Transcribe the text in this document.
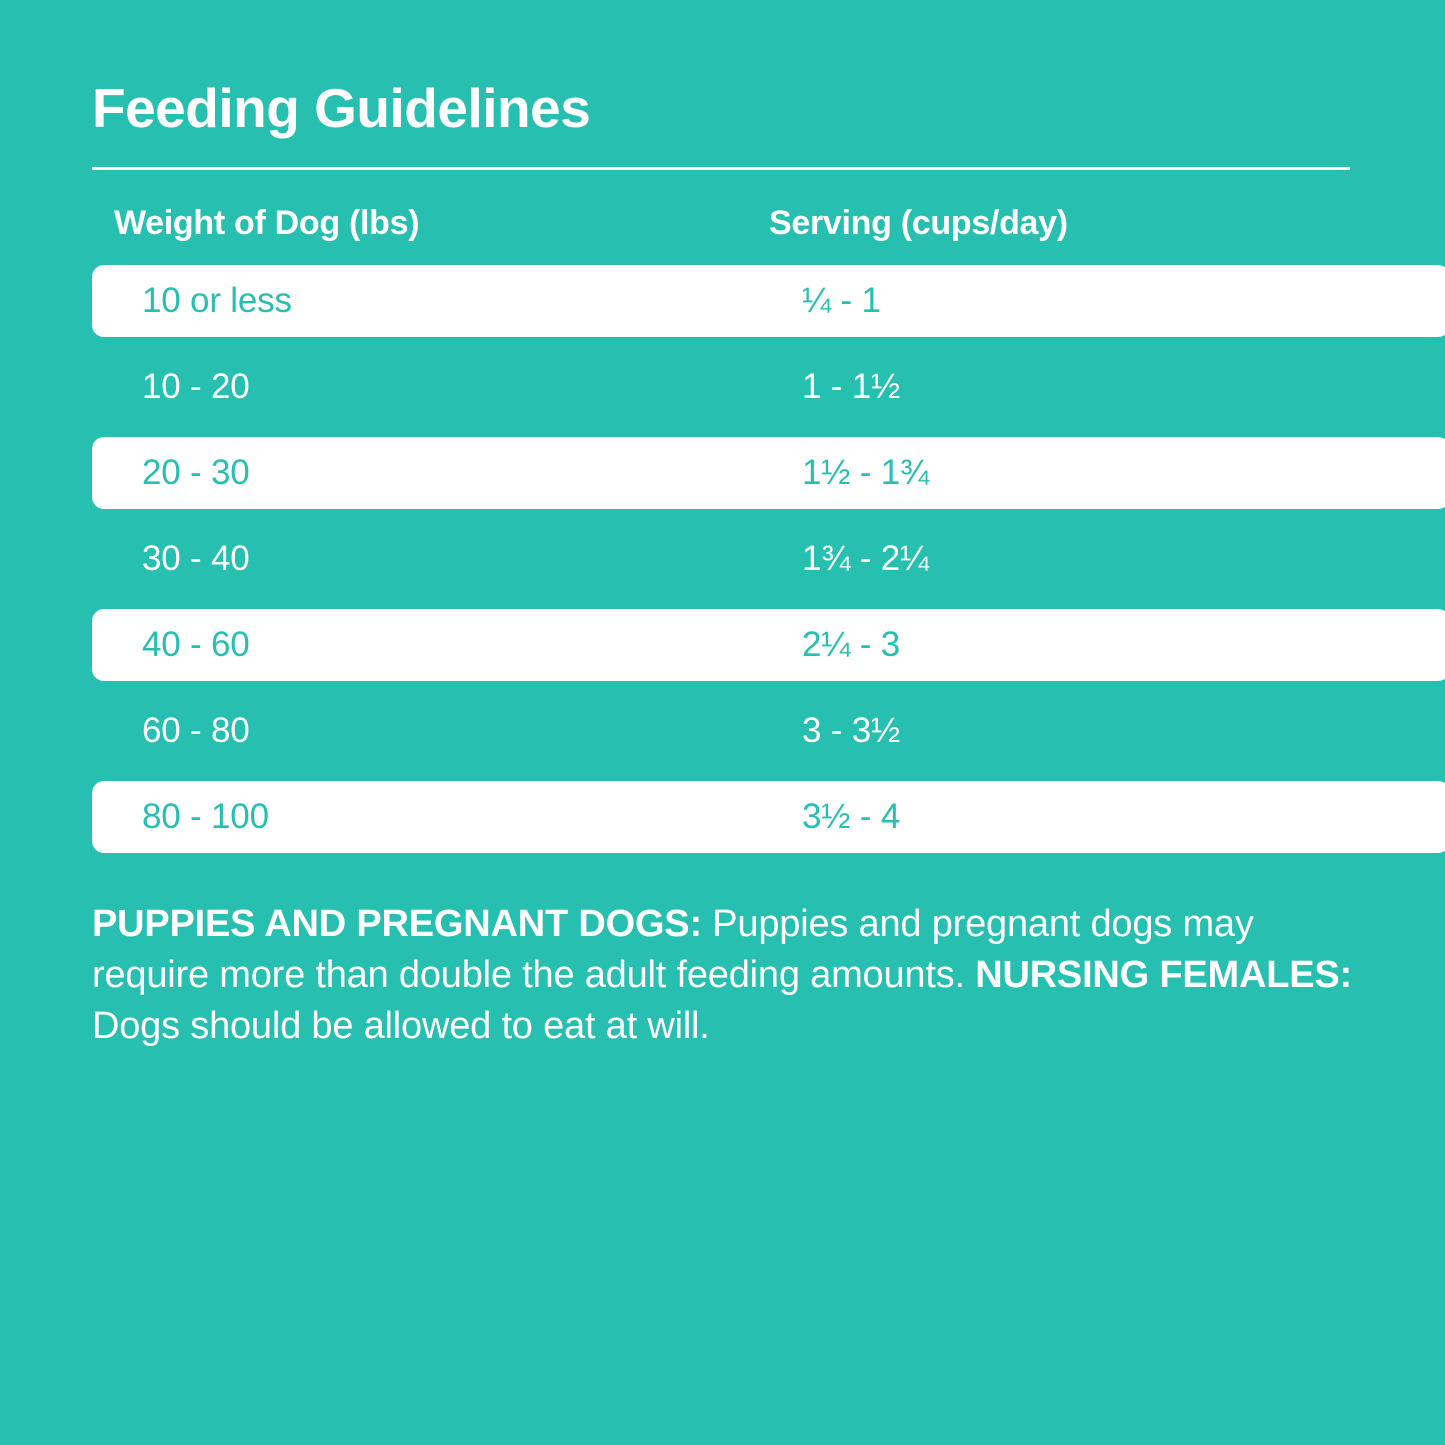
Feeding Guidelines
Weight of Dog (lbs)	Serving (cups/day)
10 or less	¼ - 1
10 - 20	1 - 1½
20 - 30	1½ - 1¾
30 - 40	1¾ - 2¼
40 - 60	2¼ - 3
60 - 80	3 - 3½
80 - 100	3½ - 4

PUPPIES AND PREGNANT DOGS: Puppies and pregnant dogs may require more than double the adult feeding amounts. NURSING FEMALES: Dogs should be allowed to eat at will.
